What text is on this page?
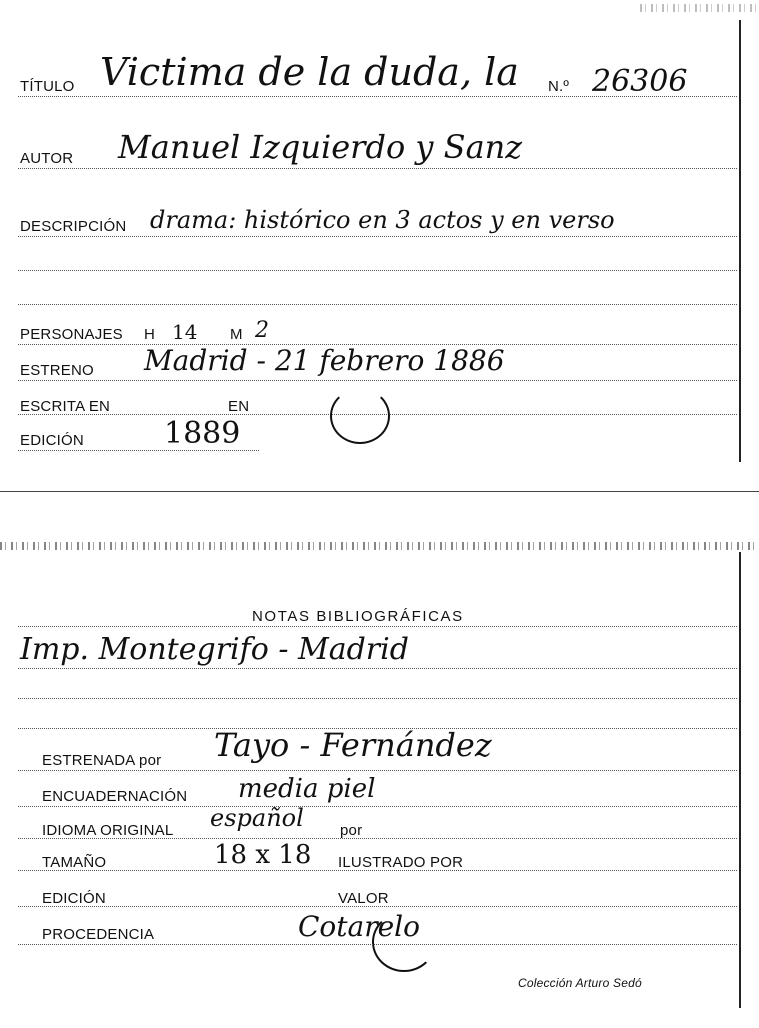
TÍTULO Victima de la duda, la N.º 26306
AUTOR Manuel Izquierdo y Sanz
DESCRIPCIÓN drama: histórico en 3 actos y en verso
PERSONAJES H 14 M 2
ESTRENO Madrid - 21 febrero 1886
ESCRITA EN	EN
EDICIÓN	1889
NOTAS BIBLIOGRÁFICAS
Imp. Montegrifo - Madrid
ESTRENADA por Tayo - Fernández
ENCUADERNACIÓN media piel
IDIOMA ORIGINAL español por
TAMAÑO	18 x 18 ILUSTRADO POR
EDICIÓN	VALOR
PROCEDENCIA	Cotarelo
Colección Arturo Sedó
